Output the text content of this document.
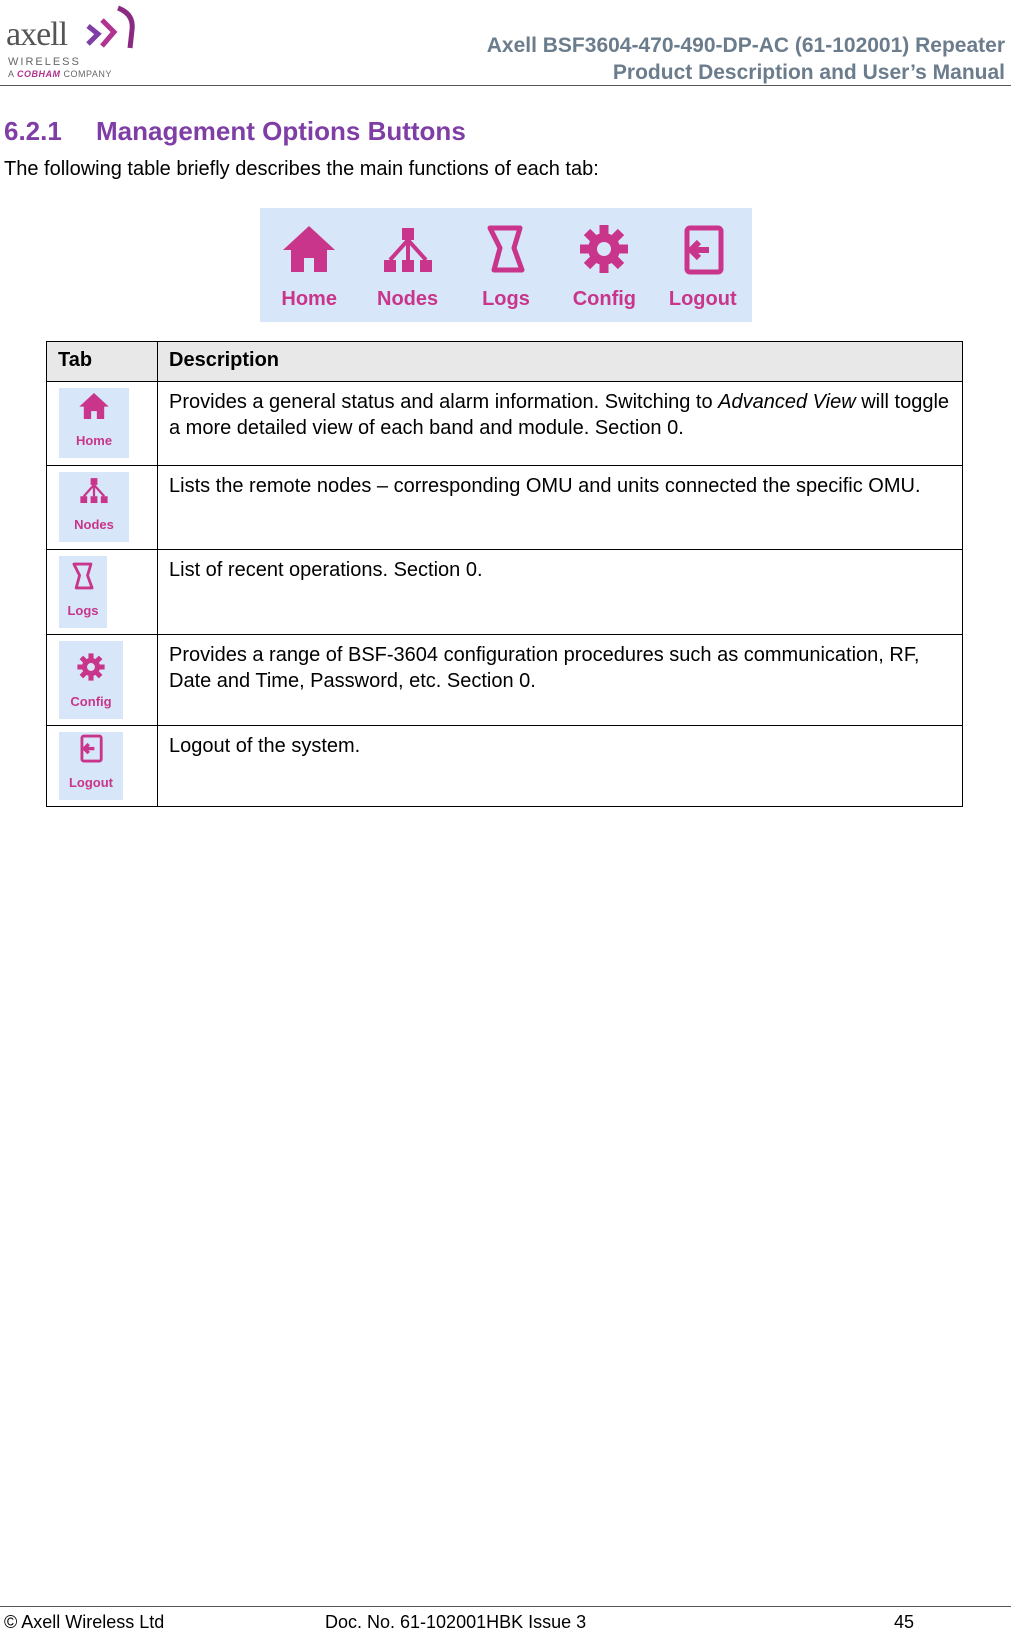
axell
WIRELESS
A COBHAM COMPANY
Axell BSF3604-470-490-DP-AC (61-102001) Repeater
Product Description and User’s Manual
6.2.1 Management Options Buttons
The following table briefly describes the main functions of each tab:
Home Nodes Logs Config Logout
Tab	Description

Home	Provides a general status and alarm information. Switching to Advanced View will toggle a more detailed view of each band and module. Section 0.

Nodes	Lists the remote nodes – corresponding OMU and units connected the specific OMU.

Logs	List of recent operations. Section 0.

Config	Provides a range of BSF-3604 configuration procedures such as communication, RF, Date and Time, Password, etc. Section 0.

Logout	Logout of the system.
© Axell Wireless Ltd	Doc. No. 61-102001HBK Issue 3	45
